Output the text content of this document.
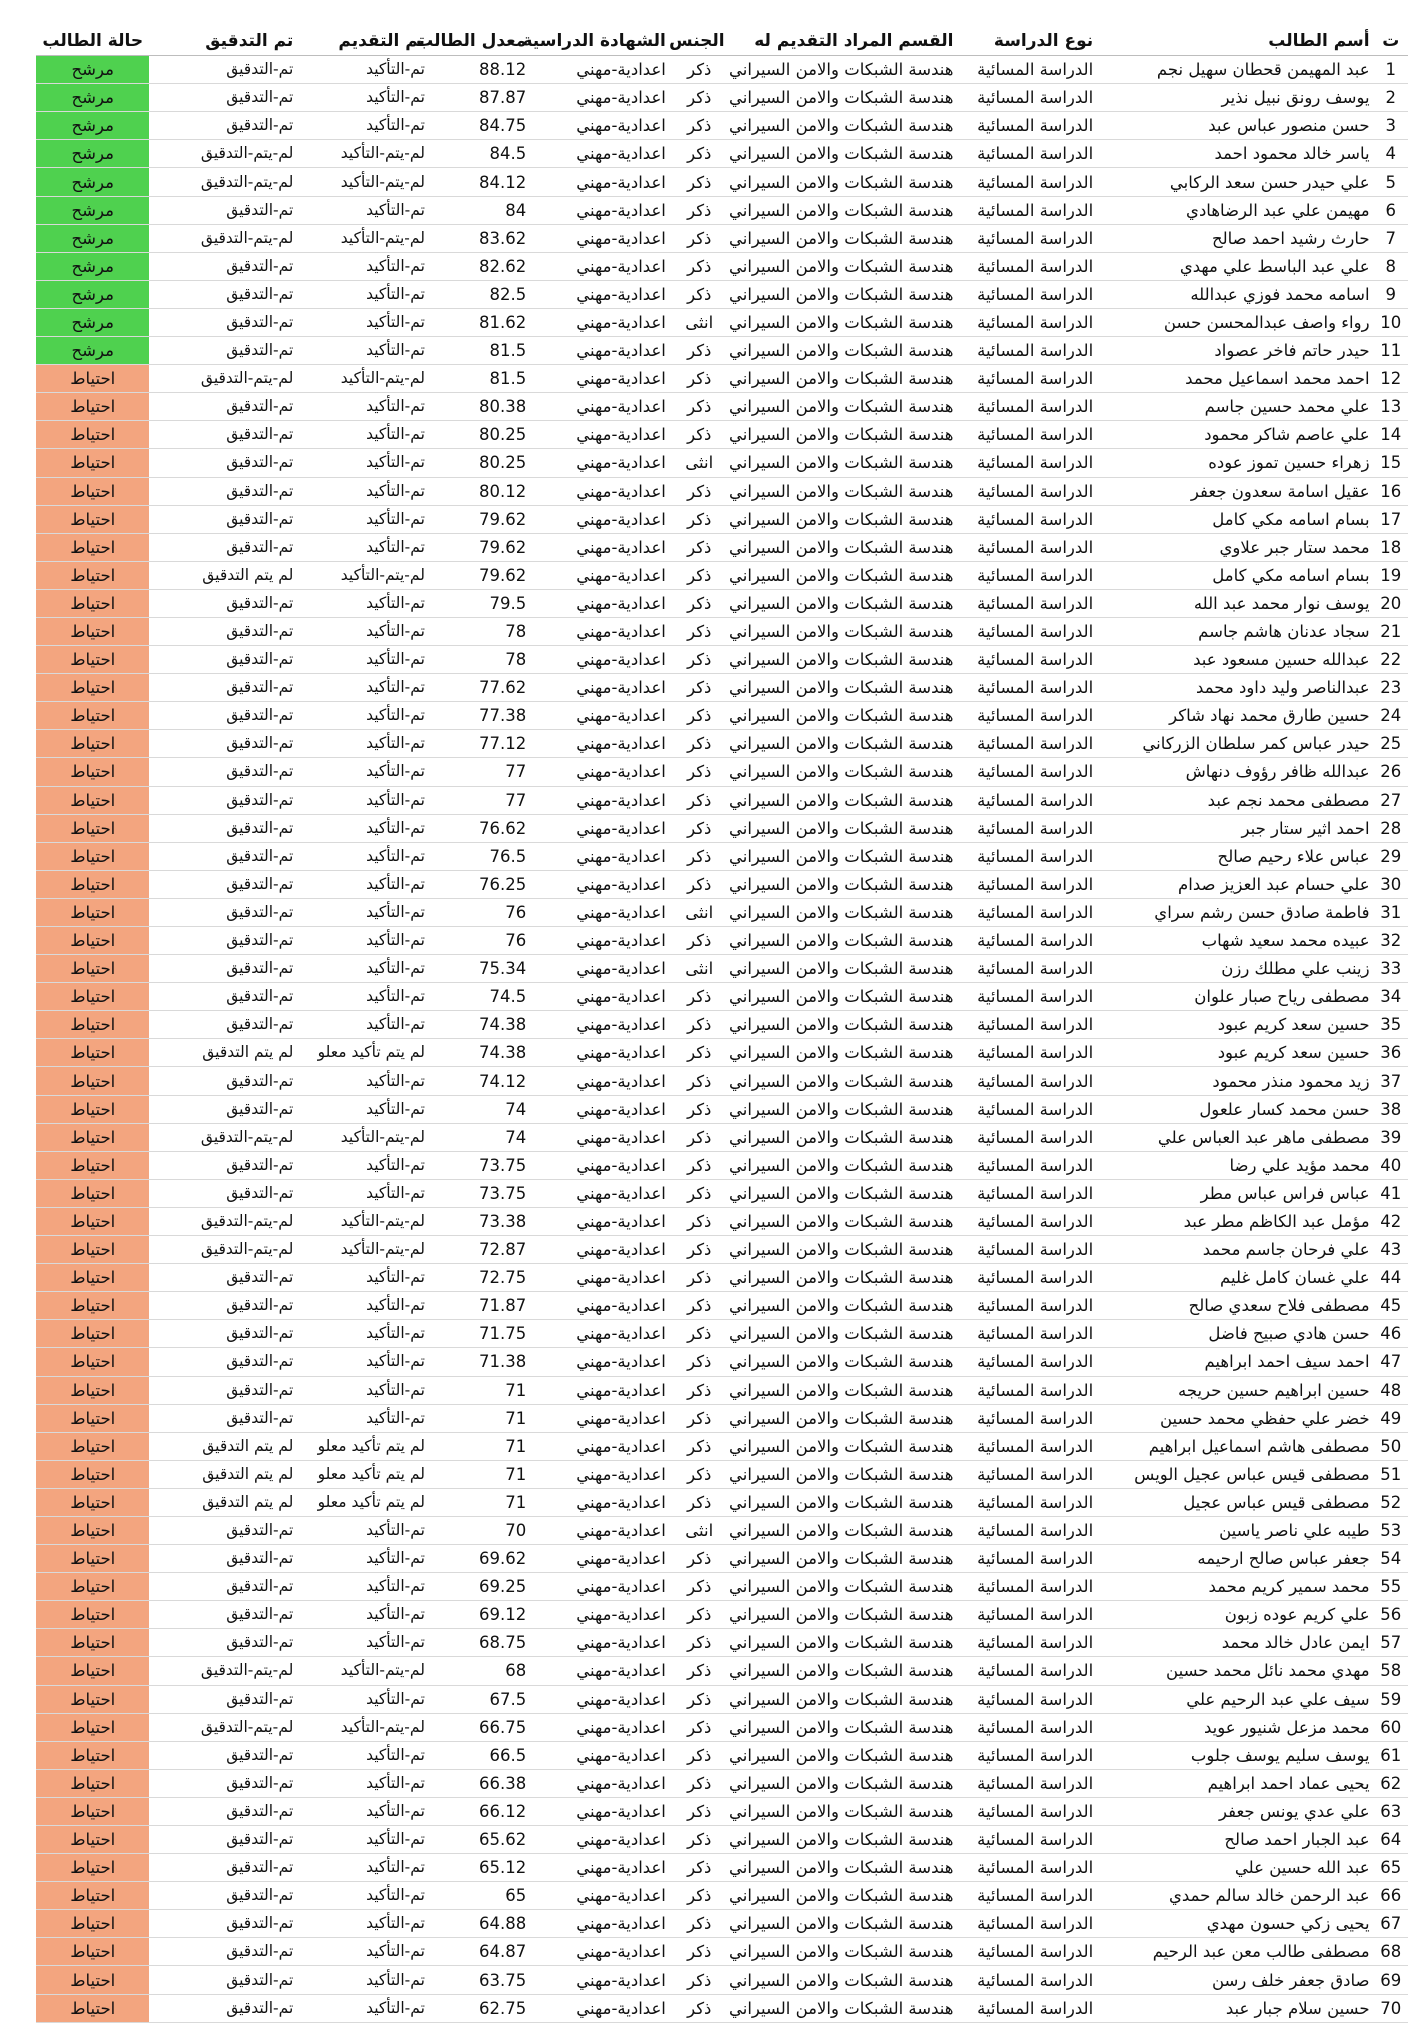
ت	أسم الطالب	نوع الدراسة	القسم المراد التقديم له	الجنس	الشهادة الدراسية	معدل الطالب	تم التقديم	تم التدقيق	حالة الطالب
1	عبد المهيمن قحطان سهيل نجم	الدراسة المسائية	هندسة الشبكات والامن السيراني	ذكر	اعدادية-مهني	88.12	تم-التأكيد	تم-التدقيق	مرشح
2	يوسف رونق نبيل نذير	الدراسة المسائية	هندسة الشبكات والامن السيراني	ذكر	اعدادية-مهني	87.87	تم-التأكيد	تم-التدقيق	مرشح
3	حسن منصور عباس عبد	الدراسة المسائية	هندسة الشبكات والامن السيراني	ذكر	اعدادية-مهني	84.75	تم-التأكيد	تم-التدقيق	مرشح
4	ياسر خالد محمود احمد	الدراسة المسائية	هندسة الشبكات والامن السيراني	ذكر	اعدادية-مهني	84.5	لم-يتم-التأكيد	لم-يتم-التدقيق	مرشح
5	علي حيدر حسن سعد الركابي	الدراسة المسائية	هندسة الشبكات والامن السيراني	ذكر	اعدادية-مهني	84.12	لم-يتم-التأكيد	لم-يتم-التدقيق	مرشح
6	مهيمن علي عبد الرضاهادي	الدراسة المسائية	هندسة الشبكات والامن السيراني	ذكر	اعدادية-مهني	84	تم-التأكيد	تم-التدقيق	مرشح
7	حارث رشيد احمد صالح	الدراسة المسائية	هندسة الشبكات والامن السيراني	ذكر	اعدادية-مهني	83.62	لم-يتم-التأكيد	لم-يتم-التدقيق	مرشح
8	علي عبد الباسط علي مهدي	الدراسة المسائية	هندسة الشبكات والامن السيراني	ذكر	اعدادية-مهني	82.62	تم-التأكيد	تم-التدقيق	مرشح
9	اسامه محمد فوزي عبدالله	الدراسة المسائية	هندسة الشبكات والامن السيراني	ذكر	اعدادية-مهني	82.5	تم-التأكيد	تم-التدقيق	مرشح
10	رواء واصف عبدالمحسن حسن	الدراسة المسائية	هندسة الشبكات والامن السيراني	انثى	اعدادية-مهني	81.62	تم-التأكيد	تم-التدقيق	مرشح
11	حيدر حاتم فاخر عصواد	الدراسة المسائية	هندسة الشبكات والامن السيراني	ذكر	اعدادية-مهني	81.5	تم-التأكيد	تم-التدقيق	مرشح
12	احمد محمد اسماعيل محمد	الدراسة المسائية	هندسة الشبكات والامن السيراني	ذكر	اعدادية-مهني	81.5	لم-يتم-التأكيد	لم-يتم-التدقيق	احتياط
13	علي محمد حسين جاسم	الدراسة المسائية	هندسة الشبكات والامن السيراني	ذكر	اعدادية-مهني	80.38	تم-التأكيد	تم-التدقيق	احتياط
14	علي عاصم شاكر محمود	الدراسة المسائية	هندسة الشبكات والامن السيراني	ذكر	اعدادية-مهني	80.25	تم-التأكيد	تم-التدقيق	احتياط
15	زهراء حسين تموز عوده	الدراسة المسائية	هندسة الشبكات والامن السيراني	انثى	اعدادية-مهني	80.25	تم-التأكيد	تم-التدقيق	احتياط
16	عقيل اسامة سعدون جعفر	الدراسة المسائية	هندسة الشبكات والامن السيراني	ذكر	اعدادية-مهني	80.12	تم-التأكيد	تم-التدقيق	احتياط
17	بسام اسامه مكي كامل	الدراسة المسائية	هندسة الشبكات والامن السيراني	ذكر	اعدادية-مهني	79.62	تم-التأكيد	تم-التدقيق	احتياط
18	محمد ستار جبر علاوي	الدراسة المسائية	هندسة الشبكات والامن السيراني	ذكر	اعدادية-مهني	79.62	تم-التأكيد	تم-التدقيق	احتياط
19	بسام اسامه مكي كامل	الدراسة المسائية	هندسة الشبكات والامن السيراني	ذكر	اعدادية-مهني	79.62	لم-يتم-التأكيد	لم يتم التدقيق	احتياط
20	يوسف نوار محمد عبد الله	الدراسة المسائية	هندسة الشبكات والامن السيراني	ذكر	اعدادية-مهني	79.5	تم-التأكيد	تم-التدقيق	احتياط
21	سجاد عدنان هاشم جاسم	الدراسة المسائية	هندسة الشبكات والامن السيراني	ذكر	اعدادية-مهني	78	تم-التأكيد	تم-التدقيق	احتياط
22	عبدالله حسين مسعود عبد	الدراسة المسائية	هندسة الشبكات والامن السيراني	ذكر	اعدادية-مهني	78	تم-التأكيد	تم-التدقيق	احتياط
23	عبدالناصر وليد داود محمد	الدراسة المسائية	هندسة الشبكات والامن السيراني	ذكر	اعدادية-مهني	77.62	تم-التأكيد	تم-التدقيق	احتياط
24	حسين طارق محمد نهاد شاكر	الدراسة المسائية	هندسة الشبكات والامن السيراني	ذكر	اعدادية-مهني	77.38	تم-التأكيد	تم-التدقيق	احتياط
25	حيدر عباس كمر سلطان الزركاني	الدراسة المسائية	هندسة الشبكات والامن السيراني	ذكر	اعدادية-مهني	77.12	تم-التأكيد	تم-التدقيق	احتياط
26	عبدالله ظافر رؤوف دنهاش	الدراسة المسائية	هندسة الشبكات والامن السيراني	ذكر	اعدادية-مهني	77	تم-التأكيد	تم-التدقيق	احتياط
27	مصطفى محمد نجم عبد	الدراسة المسائية	هندسة الشبكات والامن السيراني	ذكر	اعدادية-مهني	77	تم-التأكيد	تم-التدقيق	احتياط
28	احمد اثير ستار جبر	الدراسة المسائية	هندسة الشبكات والامن السيراني	ذكر	اعدادية-مهني	76.62	تم-التأكيد	تم-التدقيق	احتياط
29	عباس علاء رحيم صالح	الدراسة المسائية	هندسة الشبكات والامن السيراني	ذكر	اعدادية-مهني	76.5	تم-التأكيد	تم-التدقيق	احتياط
30	علي حسام عبد العزيز صدام	الدراسة المسائية	هندسة الشبكات والامن السيراني	ذكر	اعدادية-مهني	76.25	تم-التأكيد	تم-التدقيق	احتياط
31	فاطمة صادق حسن رشم سراي	الدراسة المسائية	هندسة الشبكات والامن السيراني	انثى	اعدادية-مهني	76	تم-التأكيد	تم-التدقيق	احتياط
32	عبيده محمد سعيد شهاب	الدراسة المسائية	هندسة الشبكات والامن السيراني	ذكر	اعدادية-مهني	76	تم-التأكيد	تم-التدقيق	احتياط
33	زينب علي مطلك رزن	الدراسة المسائية	هندسة الشبكات والامن السيراني	انثى	اعدادية-مهني	75.34	تم-التأكيد	تم-التدقيق	احتياط
34	مصطفى رياح صبار علوان	الدراسة المسائية	هندسة الشبكات والامن السيراني	ذكر	اعدادية-مهني	74.5	تم-التأكيد	تم-التدقيق	احتياط
35	حسين سعد كريم عبود	الدراسة المسائية	هندسة الشبكات والامن السيراني	ذكر	اعدادية-مهني	74.38	تم-التأكيد	تم-التدقيق	احتياط
36	حسين سعد كريم عبود	الدراسة المسائية	هندسة الشبكات والامن السيراني	ذكر	اعدادية-مهني	74.38	لم يتم تأكيد معلو	لم يتم التدقيق	احتياط
37	زيد محمود منذر محمود	الدراسة المسائية	هندسة الشبكات والامن السيراني	ذكر	اعدادية-مهني	74.12	تم-التأكيد	تم-التدقيق	احتياط
38	حسن محمد كسار علعول	الدراسة المسائية	هندسة الشبكات والامن السيراني	ذكر	اعدادية-مهني	74	تم-التأكيد	تم-التدقيق	احتياط
39	مصطفى ماهر عبد العباس علي	الدراسة المسائية	هندسة الشبكات والامن السيراني	ذكر	اعدادية-مهني	74	لم-يتم-التأكيد	لم-يتم-التدقيق	احتياط
40	محمد مؤيد علي رضا	الدراسة المسائية	هندسة الشبكات والامن السيراني	ذكر	اعدادية-مهني	73.75	تم-التأكيد	تم-التدقيق	احتياط
41	عباس فراس عباس مطر	الدراسة المسائية	هندسة الشبكات والامن السيراني	ذكر	اعدادية-مهني	73.75	تم-التأكيد	تم-التدقيق	احتياط
42	مؤمل عبد الكاظم مطر عبد	الدراسة المسائية	هندسة الشبكات والامن السيراني	ذكر	اعدادية-مهني	73.38	لم-يتم-التأكيد	لم-يتم-التدقيق	احتياط
43	علي فرحان جاسم محمد	الدراسة المسائية	هندسة الشبكات والامن السيراني	ذكر	اعدادية-مهني	72.87	لم-يتم-التأكيد	لم-يتم-التدقيق	احتياط
44	علي غسان كامل غليم	الدراسة المسائية	هندسة الشبكات والامن السيراني	ذكر	اعدادية-مهني	72.75	تم-التأكيد	تم-التدقيق	احتياط
45	مصطفى فلاح سعدي صالح	الدراسة المسائية	هندسة الشبكات والامن السيراني	ذكر	اعدادية-مهني	71.87	تم-التأكيد	تم-التدقيق	احتياط
46	حسن هادي صبيح فاضل	الدراسة المسائية	هندسة الشبكات والامن السيراني	ذكر	اعدادية-مهني	71.75	تم-التأكيد	تم-التدقيق	احتياط
47	احمد سيف احمد ابراهيم	الدراسة المسائية	هندسة الشبكات والامن السيراني	ذكر	اعدادية-مهني	71.38	تم-التأكيد	تم-التدقيق	احتياط
48	حسين ابراهيم حسين حريجه	الدراسة المسائية	هندسة الشبكات والامن السيراني	ذكر	اعدادية-مهني	71	تم-التأكيد	تم-التدقيق	احتياط
49	خضر علي حفظي محمد حسين	الدراسة المسائية	هندسة الشبكات والامن السيراني	ذكر	اعدادية-مهني	71	تم-التأكيد	تم-التدقيق	احتياط
50	مصطفى هاشم اسماعيل ابراهيم	الدراسة المسائية	هندسة الشبكات والامن السيراني	ذكر	اعدادية-مهني	71	لم يتم تأكيد معلو	لم يتم التدقيق	احتياط
51	مصطفى قيس عباس عجيل الويس	الدراسة المسائية	هندسة الشبكات والامن السيراني	ذكر	اعدادية-مهني	71	لم يتم تأكيد معلو	لم يتم التدقيق	احتياط
52	مصطفى قيس عباس عجيل	الدراسة المسائية	هندسة الشبكات والامن السيراني	ذكر	اعدادية-مهني	71	لم يتم تأكيد معلو	لم يتم التدقيق	احتياط
53	طيبه علي ناصر ياسين	الدراسة المسائية	هندسة الشبكات والامن السيراني	انثى	اعدادية-مهني	70	تم-التأكيد	تم-التدقيق	احتياط
54	جعفر عباس صالح ارحيمه	الدراسة المسائية	هندسة الشبكات والامن السيراني	ذكر	اعدادية-مهني	69.62	تم-التأكيد	تم-التدقيق	احتياط
55	محمد سمير كريم محمد	الدراسة المسائية	هندسة الشبكات والامن السيراني	ذكر	اعدادية-مهني	69.25	تم-التأكيد	تم-التدقيق	احتياط
56	علي كريم عوده زبون	الدراسة المسائية	هندسة الشبكات والامن السيراني	ذكر	اعدادية-مهني	69.12	تم-التأكيد	تم-التدقيق	احتياط
57	ايمن عادل خالد محمد	الدراسة المسائية	هندسة الشبكات والامن السيراني	ذكر	اعدادية-مهني	68.75	تم-التأكيد	تم-التدقيق	احتياط
58	مهدي محمد نائل محمد حسين	الدراسة المسائية	هندسة الشبكات والامن السيراني	ذكر	اعدادية-مهني	68	لم-يتم-التأكيد	لم-يتم-التدقيق	احتياط
59	سيف علي عبد الرحيم علي	الدراسة المسائية	هندسة الشبكات والامن السيراني	ذكر	اعدادية-مهني	67.5	تم-التأكيد	تم-التدقيق	احتياط
60	محمد مزعل شنيور عويد	الدراسة المسائية	هندسة الشبكات والامن السيراني	ذكر	اعدادية-مهني	66.75	لم-يتم-التأكيد	لم-يتم-التدقيق	احتياط
61	يوسف سليم يوسف جلوب	الدراسة المسائية	هندسة الشبكات والامن السيراني	ذكر	اعدادية-مهني	66.5	تم-التأكيد	تم-التدقيق	احتياط
62	يحيى عماد احمد ابراهيم	الدراسة المسائية	هندسة الشبكات والامن السيراني	ذكر	اعدادية-مهني	66.38	تم-التأكيد	تم-التدقيق	احتياط
63	علي عدي يونس جعفر	الدراسة المسائية	هندسة الشبكات والامن السيراني	ذكر	اعدادية-مهني	66.12	تم-التأكيد	تم-التدقيق	احتياط
64	عبد الجبار احمد صالح	الدراسة المسائية	هندسة الشبكات والامن السيراني	ذكر	اعدادية-مهني	65.62	تم-التأكيد	تم-التدقيق	احتياط
65	عبد الله حسين علي	الدراسة المسائية	هندسة الشبكات والامن السيراني	ذكر	اعدادية-مهني	65.12	تم-التأكيد	تم-التدقيق	احتياط
66	عبد الرحمن خالد سالم حمدي	الدراسة المسائية	هندسة الشبكات والامن السيراني	ذكر	اعدادية-مهني	65	تم-التأكيد	تم-التدقيق	احتياط
67	يحيى زكي حسون مهدي	الدراسة المسائية	هندسة الشبكات والامن السيراني	ذكر	اعدادية-مهني	64.88	تم-التأكيد	تم-التدقيق	احتياط
68	مصطفى طالب معن عبد الرحيم	الدراسة المسائية	هندسة الشبكات والامن السيراني	ذكر	اعدادية-مهني	64.87	تم-التأكيد	تم-التدقيق	احتياط
69	صادق جعفر خلف رسن	الدراسة المسائية	هندسة الشبكات والامن السيراني	ذكر	اعدادية-مهني	63.75	تم-التأكيد	تم-التدقيق	احتياط
70	حسين سلام جبار عبد	الدراسة المسائية	هندسة الشبكات والامن السيراني	ذكر	اعدادية-مهني	62.75	تم-التأكيد	تم-التدقيق	احتياط
